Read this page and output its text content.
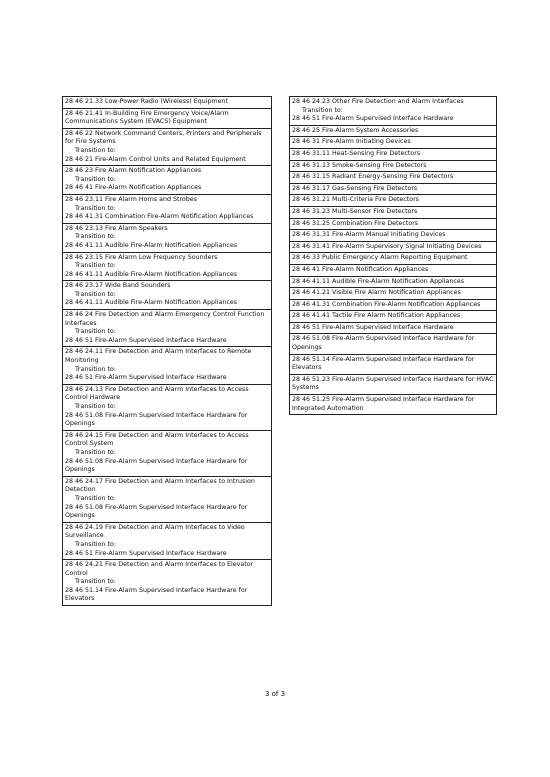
28 46 21.33 Low-Power Radio (Wireless) Equipment
28 46 21.41 In-Building Fire Emergency Voice/Alarm Communications System (EVACS) Equipment
28 46 22 Network Command Centers, Printers and Peripherals for Fire Systems
Transition to:
28 46 21 Fire-Alarm Control Units and Related Equipment
28 46 23 Fire Alarm Notification Appliances
Transition to:
28 46 41 Fire-Alarm Notification Appliances
28 46 23.11 Fire Alarm Horns and Strobes
Transition to:
28 46 41.31 Combination Fire-Alarm Notification Appliances
28 46 23.13 Fire Alarm Speakers
Transition to:
28 46 41.11 Audible Fire-Alarm Notification Appliances
28 46 23.15 Fire Alarm Low Frequency Sounders
Transition to:
28 46 41.11 Audible Fire-Alarm Notification Appliances
28 46 23.17 Wide Band Sounders
Transition to:
28 46 41.11 Audible Fire-Alarm Notification Appliances
28 46 24 Fire Detection and Alarm Emergency Control Function Interfaces
Transition to:
28 46 51 Fire-Alarm Supervised Interface Hardware
28 46 24.11 Fire Detection and Alarm Interfaces to Remote Monitoring
Transition to:
28 46 51 Fire-Alarm Supervised Interface Hardware
28 46 24.13 Fire Detection and Alarm Interfaces to Access Control Hardware
Transition to:
28 46 51.08 Fire-Alarm Supervised Interface Hardware for Openings
28 46 24.15 Fire Detection and Alarm Interfaces to Access Control System
Transition to:
28 46 51.08 Fire-Alarm Supervised Interface Hardware for Openings
28 46 24.17 Fire Detection and Alarm Interfaces to Intrusion Detection
Transition to:
28 46 51.08 Fire-Alarm Supervised Interface Hardware for Openings
28 46 24.19 Fire Detection and Alarm Interfaces to Video Surveillance
Transition to:
28 46 51 Fire-Alarm Supervised Interface Hardware
28 46 24.21 Fire Detection and Alarm Interfaces to Elevator Control
Transition to:
28 46 51.14 Fire-Alarm Supervised Interface Hardware for Elevators
28 46 24.23 Other Fire Detection and Alarm Interfaces
Transition to:
28 46 51 Fire-Alarm Supervised Interface Hardware
28 46 25 Fire-Alarm System Accessories
28 46 31 Fire-Alarm Initiating Devices
28 46 31.11 Heat-Sensing Fire Detectors
28 46 31.13 Smoke-Sensing Fire Detectors
28 46 31.15 Radiant Energy-Sensing Fire Detectors
28 46 31.17 Gas-Sensing Fire Detectors
28 46 31.21 Multi-Criteria Fire Detectors
28 46 31.23 Multi-Sensor Fire Detectors
28 46 31.25 Combination Fire Detectors
28 46 31.31 Fire-Alarm Manual Initiating Devices
28 46 31.41 Fire-Alarm Supervisory Signal Initiating Devices
28 46 33 Public Emergency Alarm Reporting Equipment
28 46 41 Fire-Alarm Notification Appliances
28 46 41.11 Audible Fire-Alarm Notification Appliances
28 46 41.21 Visible Fire Alarm Notification Appliances
28 46 41.31 Combination Fire-Alarm Notification Appliances
28 46 41.41 Tactile Fire Alarm Notification Appliances
28 46 51 Fire-Alarm Supervised Interface Hardware
28 46 51.08 Fire-Alarm Supervised Interface Hardware for Openings
28 46 51.14 Fire-Alarm Supervised Interface Hardware for Elevators
28 46 51.23 Fire-Alarm Supervised Interface Hardware for HVAC Systems
28 46 51.25 Fire-Alarm Supervised Interface Hardware for Integrated Automation
3 of 3
